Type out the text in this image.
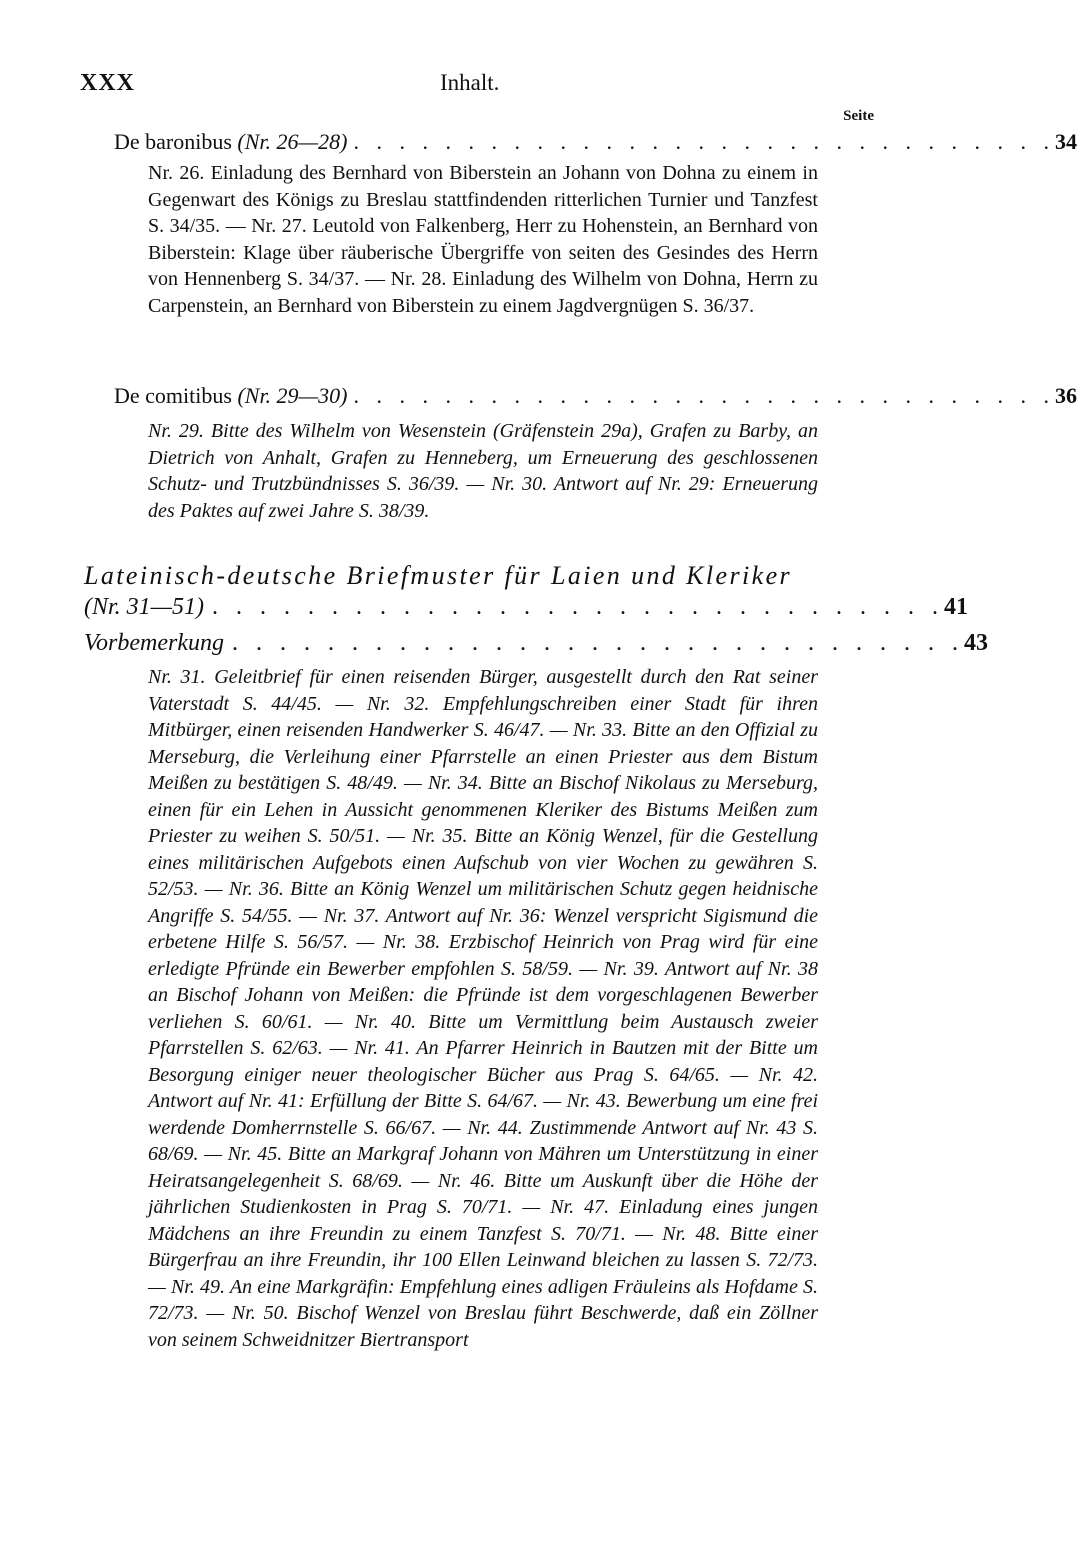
XXX	Inhalt.
Seite
De baronibus (Nr. 26—28) . . . . . . . . . . . . . . . . . . . . . . . . . . . . . . . 34
Nr. 26. Einladung des Bernhard von Biberstein an Johann von Dohna zu einem in Gegenwart des Königs zu Breslau stattfindenden ritterlichen Turnier und Tanzfest S. 34/35. — Nr. 27. Leutold von Falkenberg, Herr zu Hohenstein, an Bernhard von Biberstein: Klage über räuberische Übergriffe von seiten des Gesindes des Herrn von Hennenberg S. 34/37. — Nr. 28. Einladung des Wilhelm von Dohna, Herrn zu Carpenstein, an Bernhard von Biberstein zu einem Jagdvergnügen S. 36/37.
De comitibus (Nr. 29—30) . . . . . . . . . . . . . . . . . . . . . . . . . . . . . . . 36
Nr. 29. Bitte des Wilhelm von Wesenstein (Gräfenstein 29a), Grafen zu Barby, an Dietrich von Anhalt, Grafen zu Henneberg, um Erneuerung des geschlossenen Schutz- und Trutzbündnisses S. 36/39. — Nr. 30. Antwort auf Nr. 29: Erneuerung des Paktes auf zwei Jahre S. 38/39.
Lateinisch-deutsche Briefmuster für Laien und Kleriker
(Nr. 31—51) . . . . . . . . . . . . . . . . . . . . . . . . . . . . . . . 41
Vorbemerkung . . . . . . . . . . . . . . . . . . . . . . . . . . . . . . . 43
Nr. 31. Geleitbrief für einen reisenden Bürger, ausgestellt durch den Rat seiner Vaterstadt S. 44/45. — Nr. 32. Empfehlungschreiben einer Stadt für ihren Mitbürger, einen reisenden Handwerker S. 46/47. — Nr. 33. Bitte an den Offizial zu Merseburg, die Verleihung einer Pfarrstelle an einen Priester aus dem Bistum Meißen zu bestätigen S. 48/49. — Nr. 34. Bitte an Bischof Nikolaus zu Merseburg, einen für ein Lehen in Aussicht genommenen Kleriker des Bistums Meißen zum Priester zu weihen S. 50/51. — Nr. 35. Bitte an König Wenzel, für die Gestellung eines militärischen Aufgebots einen Aufschub von vier Wochen zu gewähren S. 52/53. — Nr. 36. Bitte an König Wenzel um militärischen Schutz gegen heidnische Angriffe S. 54/55. — Nr. 37. Antwort auf Nr. 36: Wenzel verspricht Sigismund die erbetene Hilfe S. 56/57. — Nr. 38. Erzbischof Heinrich von Prag wird für eine erledigte Pfründe ein Bewerber empfohlen S. 58/59. — Nr. 39. Antwort auf Nr. 38 an Bischof Johann von Meißen: die Pfründe ist dem vorgeschlagenen Bewerber verliehen S. 60/61. — Nr. 40. Bitte um Vermittlung beim Austausch zweier Pfarrstellen S. 62/63. — Nr. 41. An Pfarrer Heinrich in Bautzen mit der Bitte um Besorgung einiger neuer theologischer Bücher aus Prag S. 64/65. — Nr. 42. Antwort auf Nr. 41: Erfüllung der Bitte S. 64/67. — Nr. 43. Bewerbung um eine frei werdende Domherrnstelle S. 66/67. — Nr. 44. Zustimmende Antwort auf Nr. 43 S. 68/69. — Nr. 45. Bitte an Markgraf Johann von Mähren um Unterstützung in einer Heiratsangelegenheit S. 68/69. — Nr. 46. Bitte um Auskunft über die Höhe der jährlichen Studienkosten in Prag S. 70/71. — Nr. 47. Einladung eines jungen Mädchens an ihre Freundin zu einem Tanzfest S. 70/71. — Nr. 48. Bitte einer Bürgerfrau an ihre Freundin, ihr 100 Ellen Leinwand bleichen zu lassen S. 72/73. — Nr. 49. An eine Markgräfin: Empfehlung eines adligen Fräuleins als Hofdame S. 72/73. — Nr. 50. Bischof Wenzel von Breslau führt Beschwerde, daß ein Zöllner von seinem Schweidnitzer Biertransport
